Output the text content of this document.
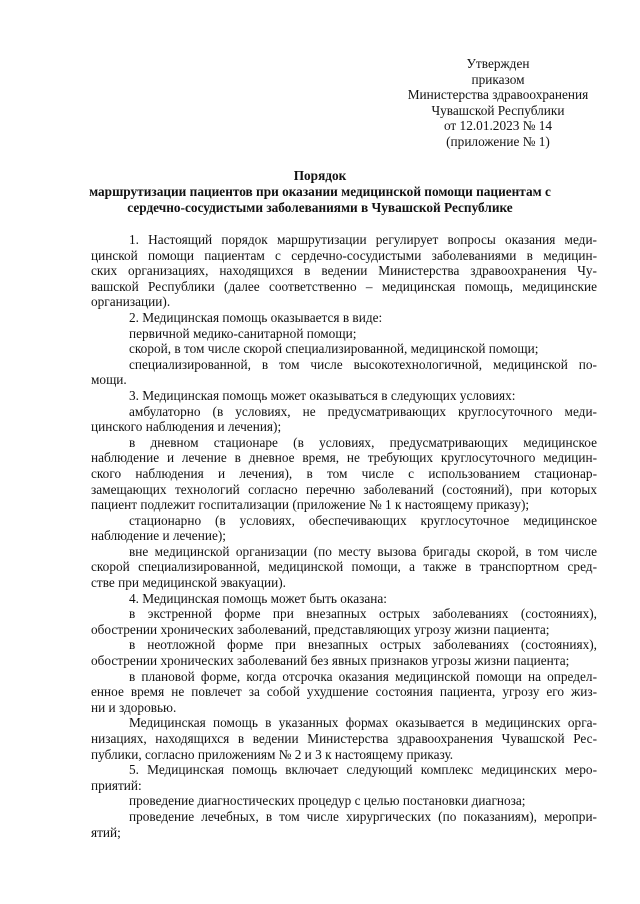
Утвержден
приказом
Министерства здравоохранения
Чувашской Республики
от 12.01.2023 № 14
(приложение № 1)
Порядок
маршрутизации пациентов при оказании медицинской помощи пациентам с
сердечно-сосудистыми заболеваниями в Чувашской Республике
1. Настоящий порядок маршрутизации регулирует вопросы оказания меди-
цинской помощи пациентам с сердечно-сосудистыми заболеваниями в медицин-
ских организациях, находящихся в ведении Министерства здравоохранения Чу-
вашской Республики (далее соответственно – медицинская помощь, медицинские
организации).
2. Медицинская помощь оказывается в виде:
первичной медико-санитарной помощи;
скорой, в том числе скорой специализированной, медицинской помощи;
специализированной, в том числе высокотехнологичной, медицинской по-
мощи.
3. Медицинская помощь может оказываться в следующих условиях:
амбулаторно (в условиях, не предусматривающих круглосуточного меди-
цинского наблюдения и лечения);
в дневном стационаре (в условиях, предусматривающих медицинское
наблюдение и лечение в дневное время, не требующих круглосуточного медицин-
ского наблюдения и лечения), в том числе с использованием стационар-
замещающих технологий согласно перечню заболеваний (состояний), при которых
пациент подлежит госпитализации (приложение № 1 к настоящему приказу);
стационарно (в условиях, обеспечивающих круглосуточное медицинское
наблюдение и лечение);
вне медицинской организации (по месту вызова бригады скорой, в том числе
скорой специализированной, медицинской помощи, а также в транспортном сред-
стве при медицинской эвакуации).
4. Медицинская помощь может быть оказана:
в экстренной форме при внезапных острых заболеваниях (состояниях),
обострении хронических заболеваний, представляющих угрозу жизни пациента;
в неотложной форме при внезапных острых заболеваниях (состояниях),
обострении хронических заболеваний без явных признаков угрозы жизни пациента;
в плановой форме, когда отсрочка оказания медицинской помощи на определ-
енное время не повлечет за собой ухудшение состояния пациента, угрозу его жиз-
ни и здоровью.
Медицинская помощь в указанных формах оказывается в медицинских орга-
низациях, находящихся в ведении Министерства здравоохранения Чувашской Рес-
публики, согласно приложениям № 2 и 3 к настоящему приказу.
5. Медицинская помощь включает следующий комплекс медицинских меро-
приятий:
проведение диагностических процедур с целью постановки диагноза;
проведение лечебных, в том числе хирургических (по показаниям), меропри-
ятий;
